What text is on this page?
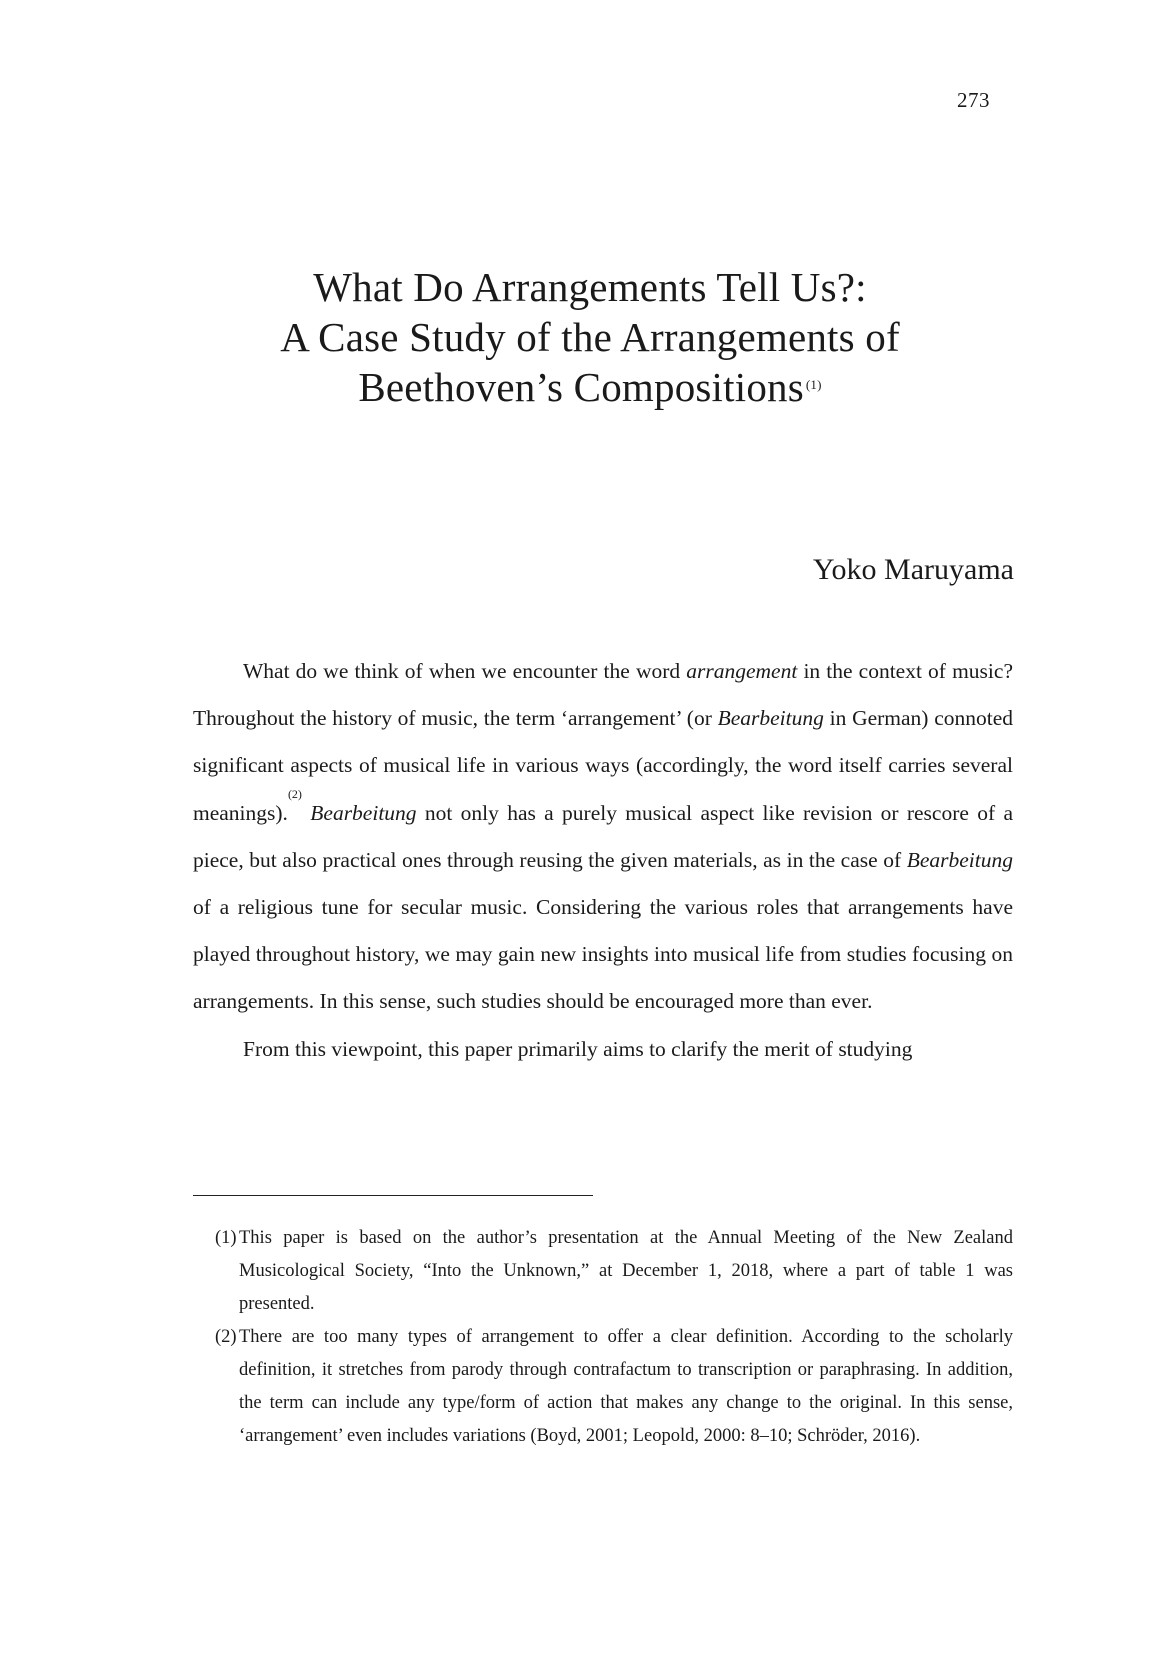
273
What Do Arrangements Tell Us?:
A Case Study of the Arrangements of
Beethoven’s Compositions $^{(1)}$
Yoko Maruyama

What do we think of when we encounter the word arrangement in the context of music? Throughout the history of music, the term ‘arrangement’ (or Bearbeitung in German) connoted significant aspects of musical life in various ways (accordingly, the word itself carries several meanings).$^{(2)}$ Bearbeitung not only has a purely musical aspect like revision or rescore of a piece, but also practical ones through reusing the given materials, as in the case of Bearbeitung of a religious tune for secular music. Considering the various roles that arrangements have played throughout history, we may gain new insights into musical life from studies focusing on arrangements. In this sense, such studies should be encouraged more than ever.

From this viewpoint, this paper primarily aims to clarify the merit of studying

(1) This paper is based on the author’s presentation at the Annual Meeting of the New Zealand Musicological Society, “Into the Unknown,” at December 1, 2018, where a part of table 1 was presented.

(2) There are too many types of arrangement to offer a clear definition. According to the scholarly definition, it stretches from parody through contrafactum to transcription or paraphrasing. In addition, the term can include any type/form of action that makes any change to the original. In this sense, ‘arrangement’ even includes variations (Boyd, 2001; Leopold, 2000: 8–10; Schröder, 2016).
